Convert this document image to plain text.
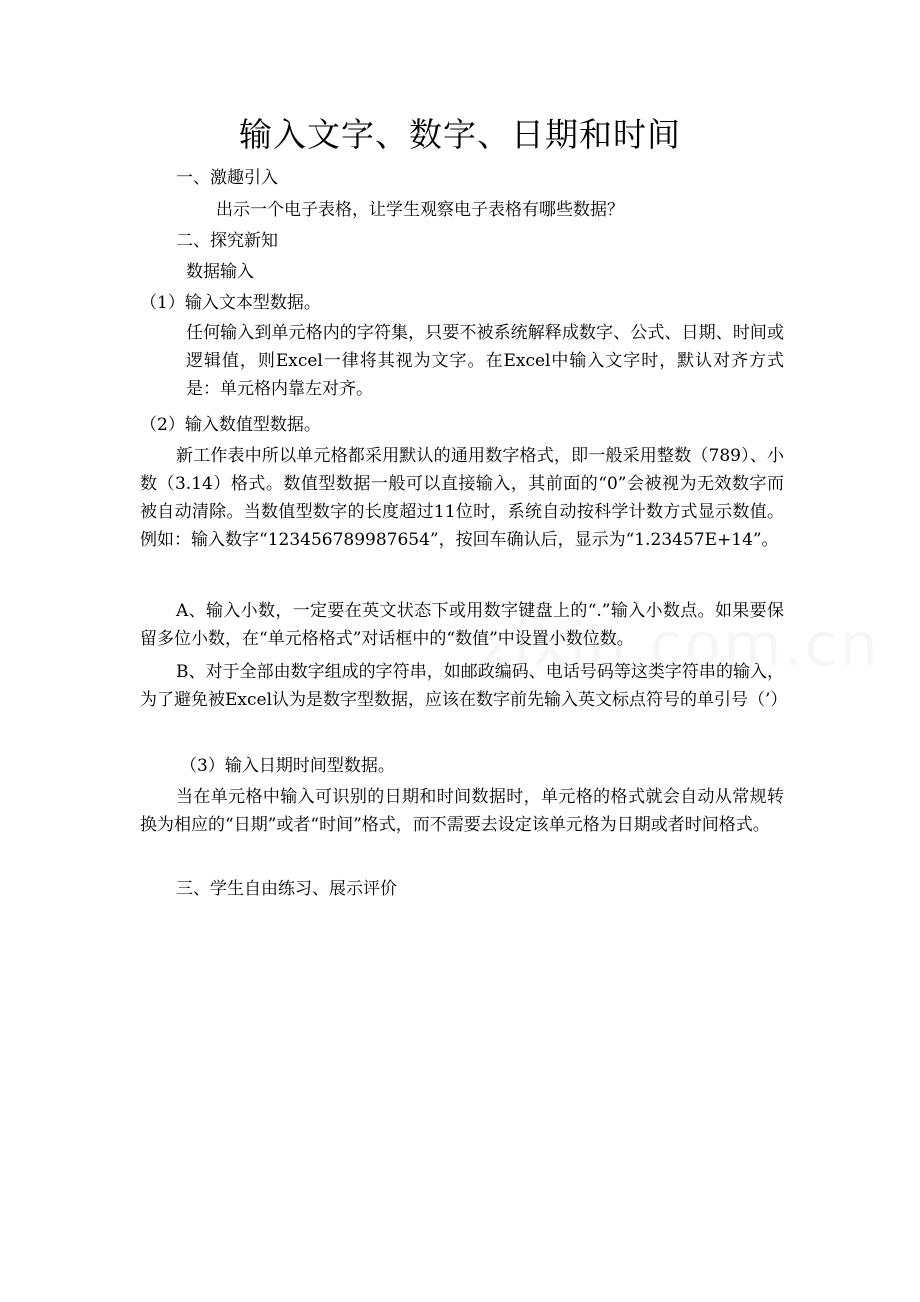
输入文字、数字、日期和时间
一、激趣引入
出示一个电子表格，让学生观察电子表格有哪些数据？
二、探究新知
数据输入
（1）输入文本型数据。
任何输入到单元格内的字符集，只要不被系统解释成数字、公式、日期、时间或逻辑值，则Excel一律将其视为文字。在Excel中输入文字时，默认对齐方式是：单元格内靠左对齐。
（2）输入数值型数据。
新工作表中所以单元格都采用默认的通用数字格式，即一般采用整数（789）、小数（3.14）格式。数值型数据一般可以直接输入，其前面的“0”会被视为无效数字而被自动清除。当数值型数字的长度超过11位时，系统自动按科学计数方式显示数值。例如：输入数字“123456789987654”，按回车确认后，显示为“1.23457E+14”。
A、输入小数，一定要在英文状态下或用数字键盘上的“.”输入小数点。如果要保留多位小数，在“单元格格式”对话框中的“数值”中设置小数位数。
B、对于全部由数字组成的字符串，如邮政编码、电话号码等这类字符串的输入，为了避免被Excel认为是数字型数据，应该在数字前先输入英文标点符号的单引号（’）
（3）输入日期时间型数据。
当在单元格中输入可识别的日期和时间数据时，单元格的格式就会自动从常规转换为相应的“日期”或者“时间”格式，而不需要去设定该单元格为日期或者时间格式。
三、学生自由练习、展示评价
